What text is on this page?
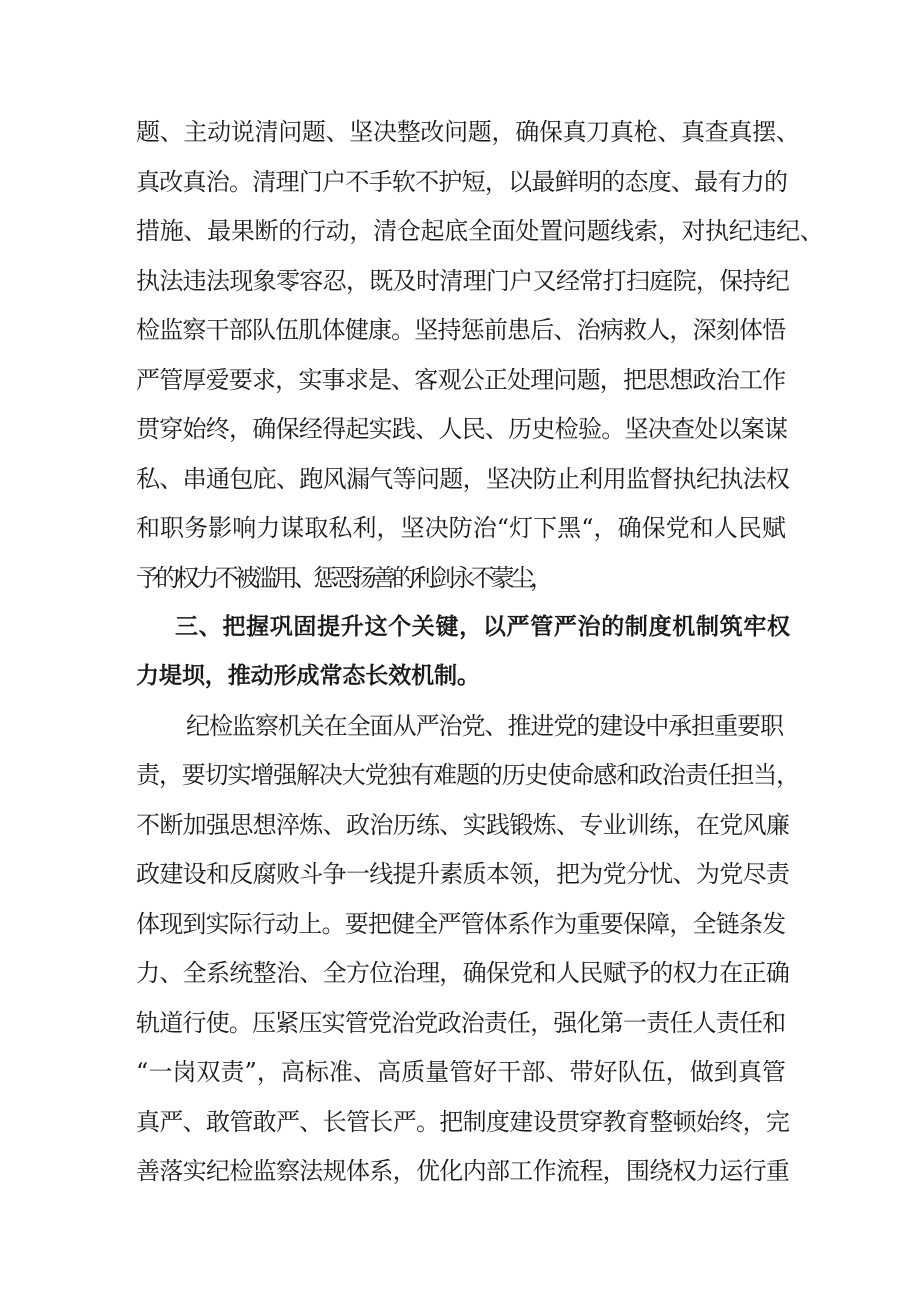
题、主动说清问题、坚决整改问题，确保真刀真枪、真查真摆、
真改真治。清理门户不手软不护短，以最鲜明的态度、最有力的
措施、最果断的行动，清仓起底全面处置问题线索，对执纪违纪、
执法违法现象零容忍，既及时清理门户又经常打扫庭院，保持纪
检监察干部队伍肌体健康。坚持惩前患后、治病救人，深刻体悟
严管厚爱要求，实事求是、客观公正处理问题，把思想政治工作
贯穿始终，确保经得起实践、人民、历史检验。坚决查处以案谋
私、串通包庇、跑风漏气等问题，坚决防止利用监督执纪执法权
和职务影响力谋取私利，坚决防治“灯下黑“，确保党和人民赋
予的权力不被滥用、惩恶扬善的利剑永不蒙尘，
三、把握巩固提升这个关键，以严管严治的制度机制筑牢权
力堤坝，推动形成常态长效机制。
纪检监察机关在全面从严治党、推进党的建设中承担重要职
责，要切实增强解决大党独有难题的历史使命感和政治责任担当，
不断加强思想淬炼、政治历练、实践锻炼、专业训练，在党风廉
政建设和反腐败斗争一线提升素质本领，把为党分忧、为党尽责
体现到实际行动上。要把健全严管体系作为重要保障，全链条发
力、全系统整治、全方位治理，确保党和人民赋予的权力在正确
轨道行使。压紧压实管党治党政治责任，强化第一责任人责任和
“一岗双责”，高标准、高质量管好干部、带好队伍，做到真管
真严、敢管敢严、长管长严。把制度建设贯穿教育整顿始终，完
善落实纪检监察法规体系，优化内部工作流程，围绕权力运行重
